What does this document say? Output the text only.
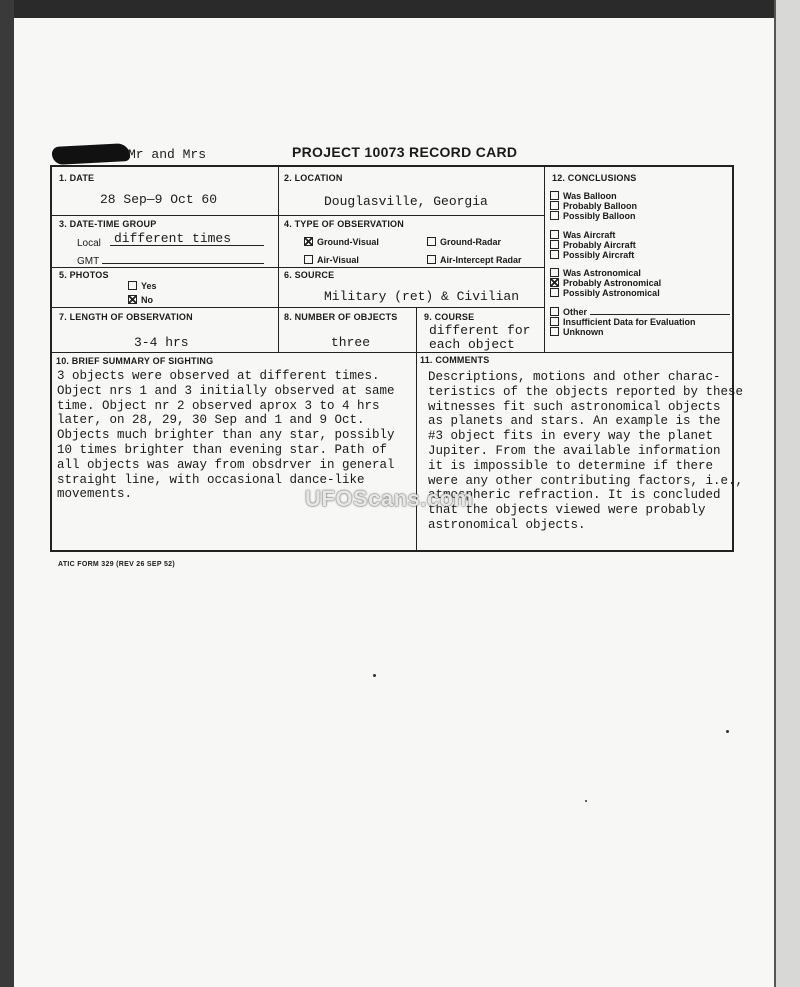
Mr and Mrs	PROJECT 10073 RECORD CARD
1. DATE
28 Sep—9 Oct 60
2. LOCATION
Douglasville, Georgia
3. DATE-TIME GROUP
Local different times
GMT
4. TYPE OF OBSERVATION
Ground-Visual	Ground-Radar
Air-Visual	Air-Intercept Radar
5. PHOTOS
Yes
No
6. SOURCE
Military (ret) & Civilian
7. LENGTH OF OBSERVATION
3-4 hrs
8. NUMBER OF OBJECTS
three
9. COURSE
different for
each object
12. CONCLUSIONS
Was Balloon
Probably Balloon
Possibly Balloon
Was Aircraft
Probably Aircraft
Possibly Aircraft
Was Astronomical
Probably Astronomical
Possibly Astronomical
Other
Insufficient Data for Evaluation
Unknown
10. BRIEF SUMMARY OF SIGHTING
3 objects were observed at different times.
Object nrs 1 and 3 initially observed at same
time. Object nr 2 observed aprox 3 to 4 hrs
later, on 28, 29, 30 Sep and 1 and 9 Oct.
Objects much brighter than any star, possibly
10 times brighter than evening star. Path of
all objects was away from obsdrver in general
straight line, with occasional dance-like
movements.
11. COMMENTS
Descriptions, motions and other charac-
teristics of the objects reported by these
witnesses fit such astronomical objects
as planets and stars. An example is the
#3 object fits in every way the planet
Jupiter. From the available information
it is impossible to determine if there
were any other contributing factors, i.e.,
atmospheric refraction. It is concluded
that the objects viewed were probably
astronomical objects.
ATIC FORM 329 (REV 26 SEP 52)
UFOScans.com
